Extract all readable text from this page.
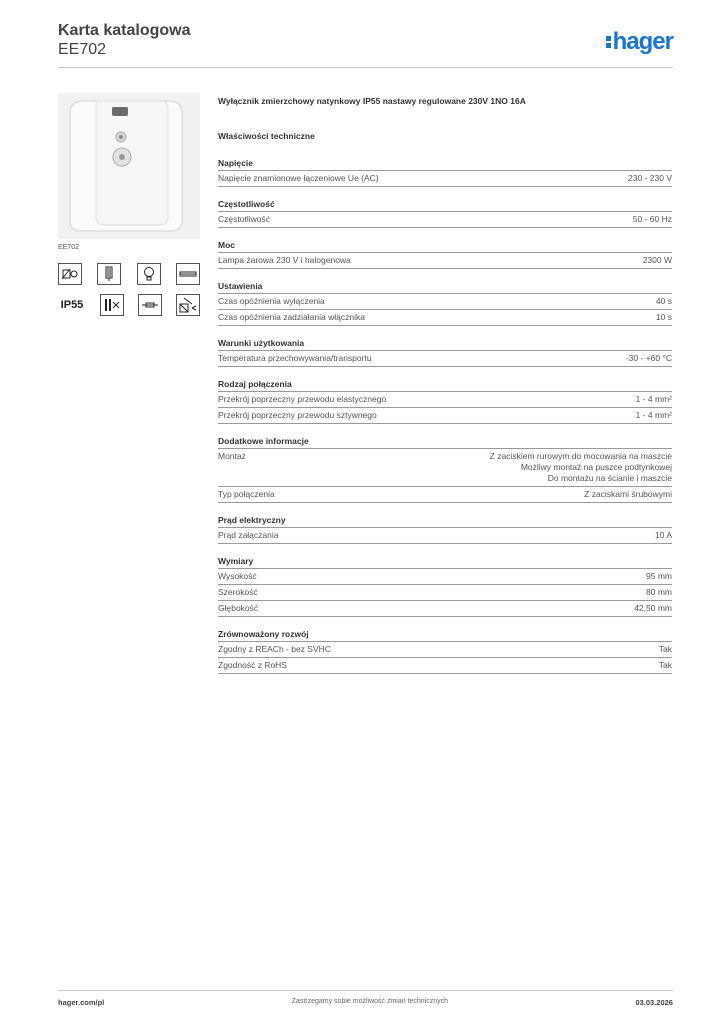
Karta katalogowa
EE702	hager
EE702
IP55
Wyłącznik zmierzchowy natynkowy IP55 nastawy regulowane 230V 1NO 16A
Właściwości techniczne
Napięcie
Napięcie znamionowe łączeniowe Ue (AC)	230 - 230 V
Częstotliwość
Częstotliwość	50 - 60 Hz
Moc
Lampa żarowa 230 V i halogenowa	2300 W
Ustawienia
Czas opóźnienia wyłączenia	40 s
Czas opóźnienia zadziałania włącznika	10 s
Warunki użytkowania
Temperatura przechowywania/transportu	-30 - +60 °C
Rodzaj połączenia
Przekrój poprzeczny przewodu elastycznego	1 - 4 mm²
Przekrój poprzeczny przewodu sztywnego	1 - 4 mm²
Dodatkowe informacje
Montaż	Z zaciskiem rurowym do mocowania na maszcie
Możliwy montaż na puszce podtynkowej
Do montażu na ścianie i maszcie
Typ połączenia	Z zaciskami śrubowymi
Prąd elektryczny
Prąd załączania	10 A
Wymiary
Wysokość	95 mm
Szerokość	80 mm
Głębokość	42,50 mm
Zrównoważony rozwój
Zgodny z REACh - bez SVHC	Tak
Zgodność z RoHS	Tak
hager.com/pl	Zastrzegamy sobie możliwość zmian technicznych	03.03.2026
